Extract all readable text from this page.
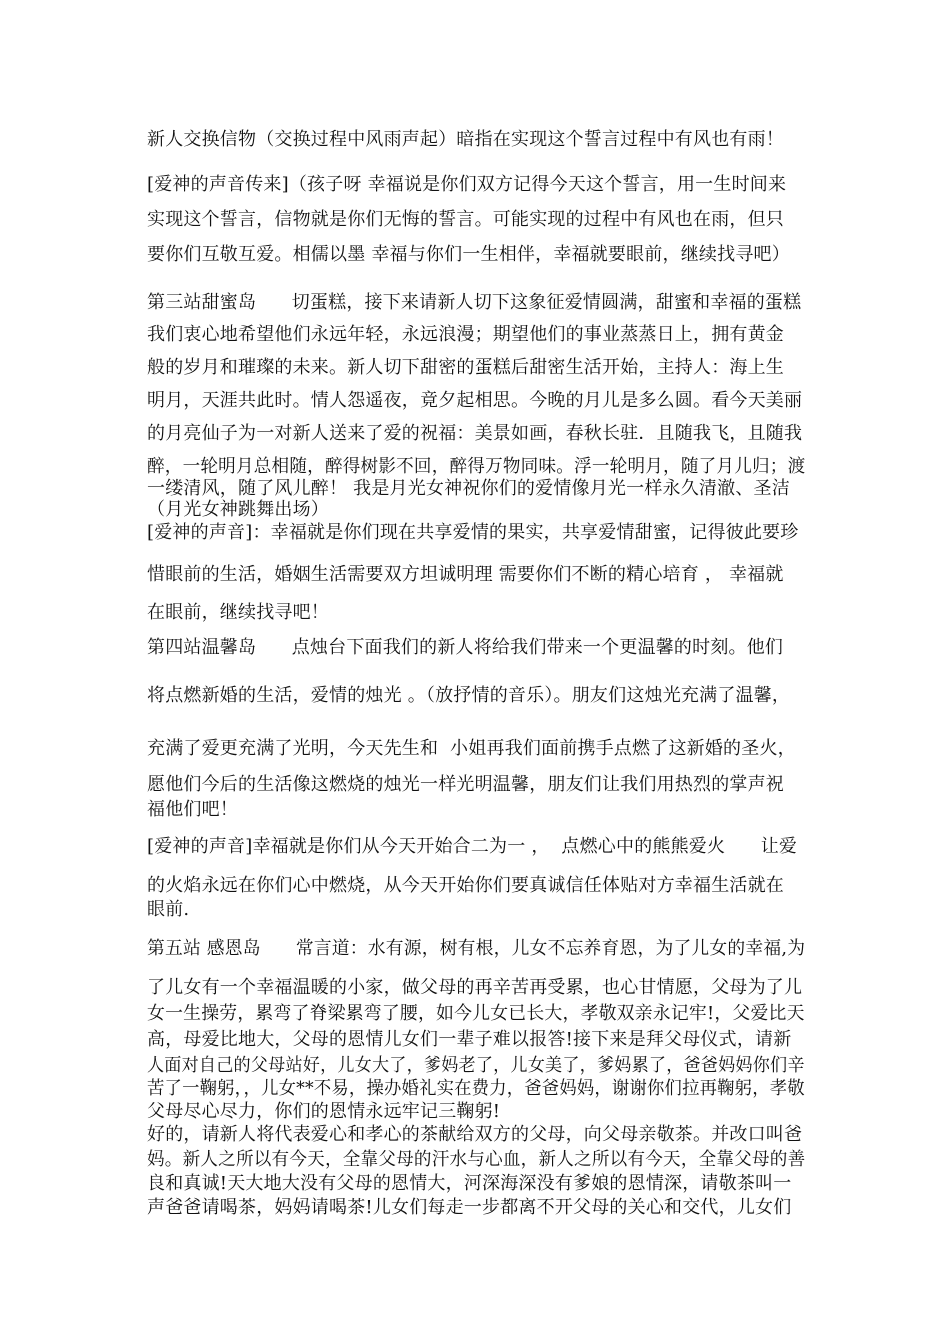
新人交换信物（交换过程中风雨声起）暗指在实现这个誓言过程中有风也有雨！
[爱神的声音传来]（孩子呀 幸福说是你们双方记得今天这个誓言，用一生时间来
实现这个誓言，信物就是你们无悔的誓言。可能实现的过程中有风也在雨，但只
要你们互敬互爱。相儒以墨 幸福与你们一生相伴，幸福就要眼前，继续找寻吧）
第三站甜蜜岛      切蛋糕，接下来请新人切下这象征爱情圆满，甜蜜和幸福的蛋糕
我们衷心地希望他们永远年轻，永远浪漫；期望他们的事业蒸蒸日上，拥有黄金
般的岁月和璀璨的未来。新人切下甜密的蛋糕后甜密生活开始，主持人：海上生
明月，天涯共此时。情人怨遥夜，竟夕起相思。今晚的月儿是多么圆。看今天美丽
的月亮仙子为一对新人送来了爱的祝福：美景如画，春秋长驻．且随我飞，且随我
醉，一轮明月总相随，醉得树影不回，醉得万物同味。浮一轮明月，随了月儿归；渡
一缕清风，随了风儿醉！ 我是月光女神祝你们的爱情像月光一样永久清澈、圣洁
（月光女神跳舞出场）
[爱神的声音]：幸福就是你们现在共享爱情的果实，共享爱情甜蜜，记得彼此要珍
惜眼前的生活，婚姻生活需要双方坦诚明理 需要你们不断的精心培育 ， 幸福就
在眼前，继续找寻吧！
第四站温馨岛      点烛台下面我们的新人将给我们带来一个更温馨的时刻。他们
将点燃新婚的生活，爱情的烛光 。（放抒情的音乐）。朋友们这烛光充满了温馨，
充满了爱更充满了光明，今天先生和  小姐再我们面前携手点燃了这新婚的圣火，
愿他们今后的生活像这燃烧的烛光一样光明温馨，朋友们让我们用热烈的掌声祝
福他们吧！
[爱神的声音]幸福就是你们从今天开始合二为一 ，  点燃心中的熊熊爱火      让爱
的火焰永远在你们心中燃烧，从今天开始你们要真诚信任体贴对方幸福生活就在
眼前.
第五站 感恩岛      常言道：水有源，树有根，儿女不忘养育恩，为了儿女的幸福,为
了儿女有一个幸福温暖的小家，做父母的再辛苦再受累，也心甘情愿，父母为了儿
女一生操劳，累弯了脊梁累弯了腰，如今儿女已长大，孝敬双亲永记牢!，父爱比天
高，母爱比地大，父母的恩情儿女们一辈子难以报答!接下来是拜父母仪式，请新
人面对自己的父母站好，儿女大了，爹妈老了，儿女美了，爹妈累了，爸爸妈妈你们辛
苦了一鞠躬，，儿女**不易，操办婚礼实在费力，爸爸妈妈，谢谢你们拉再鞠躬，孝敬
父母尽心尽力，你们的恩情永远牢记三鞠躬!
好的，请新人将代表爱心和孝心的茶献给双方的父母，向父母亲敬茶。并改口叫爸
妈。新人之所以有今天，全靠父母的汗水与心血，新人之所以有今天，全靠父母的善
良和真诚!天大地大没有父母的恩情大，河深海深没有爹娘的恩情深，请敬茶叫一
声爸爸请喝茶，妈妈请喝茶!儿女们每走一步都离不开父母的关心和交代，儿女们
